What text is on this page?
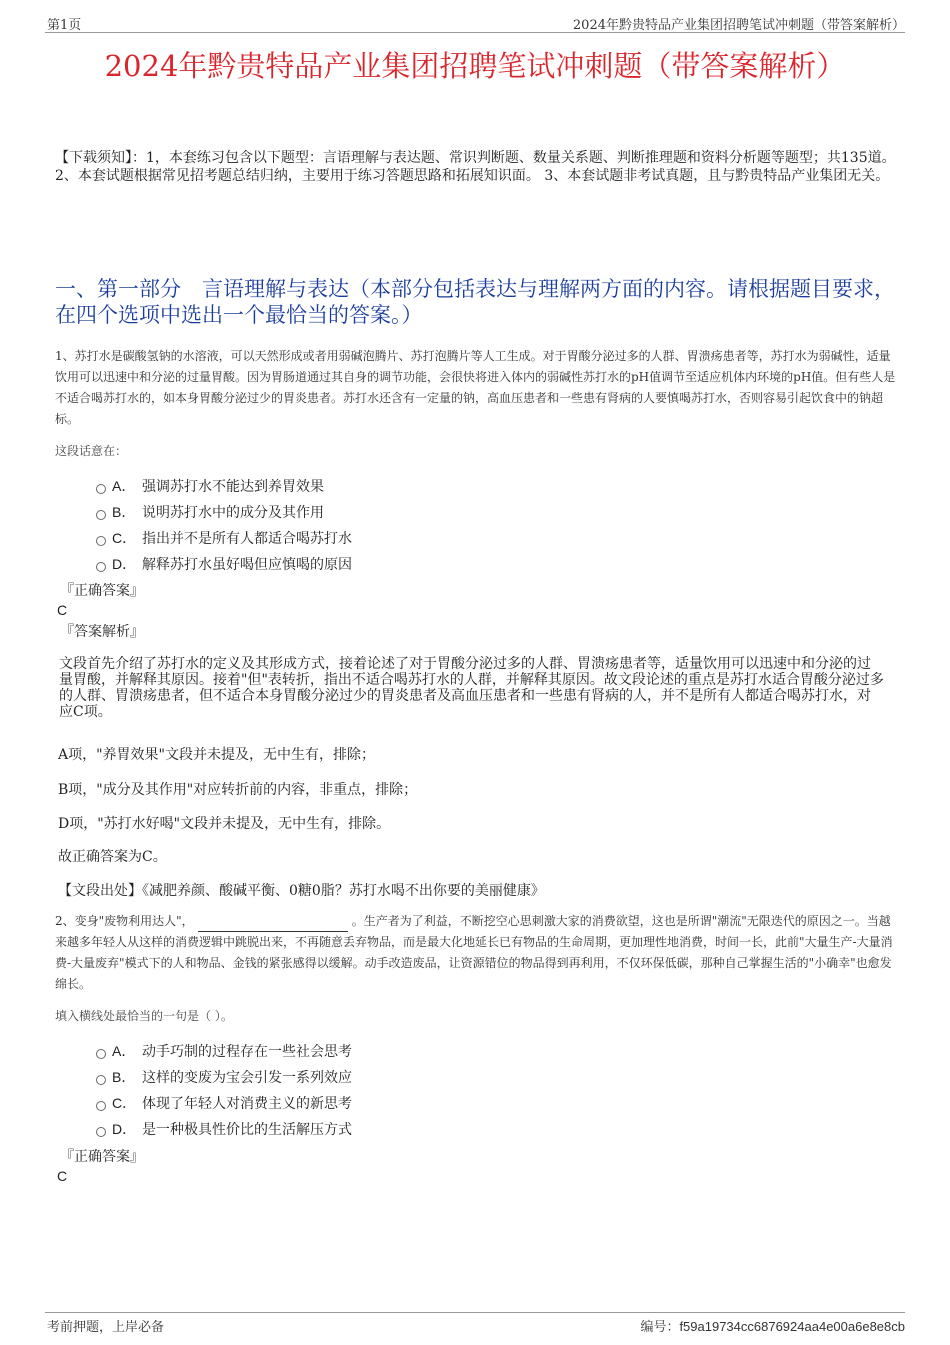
第1页	2024年黔贵特品产业集团招聘笔试冲刺题（带答案解析）
2024年黔贵特品产业集团招聘笔试冲刺题（带答案解析）
【下载须知】：1，本套练习包含以下题型：言语理解与表达题、常识判断题、数量关系题、判断推理题和资料分析题等题型；共135道。 2、本套试题根据常见招考题总结归纳，主要用于练习答题思路和拓展知识面。 3、本套试题非考试真题，且与黔贵特品产业集团无关。
一、第一部分　言语理解与表达（本部分包括表达与理解两方面的内容。请根据题目要求，在四个选项中选出一个最恰当的答案。）
1、苏打水是碳酸氢钠的水溶液，可以天然形成或者用弱碱泡腾片、苏打泡腾片等人工生成。对于胃酸分泌过多的人群、胃溃疡患者等，苏打水为弱碱性，适量饮用可以迅速中和分泌的过量胃酸。因为胃肠道通过其自身的调节功能，会很快将进入体内的弱碱性苏打水的pH值调节至适应机体内环境的pH值。但有些人是不适合喝苏打水的，如本身胃酸分泌过少的胃炎患者。苏打水还含有一定量的钠，高血压患者和一些患有肾病的人要慎喝苏打水，否则容易引起饮食中的钠超标。
这段话意在：
A． 强调苏打水不能达到养胃效果
B． 说明苏打水中的成分及其作用
C． 指出并不是所有人都适合喝苏打水
D． 解释苏打水虽好喝但应慎喝的原因
『正确答案』
C
『答案解析』
文段首先介绍了苏打水的定义及其形成方式，接着论述了对于胃酸分泌过多的人群、胃溃疡患者等，适量饮用可以迅速中和分泌的过量胃酸，并解释其原因。接着"但"表转折，指出不适合喝苏打水的人群，并解释其原因。故文段论述的重点是苏打水适合胃酸分泌过多的人群、胃溃疡患者，但不适合本身胃酸分泌过少的胃炎患者及高血压患者和一些患有肾病的人，并不是所有人都适合喝苏打水，对应C项。
A项，"养胃效果"文段并未提及，无中生有，排除；
B项，"成分及其作用"对应转折前的内容，非重点，排除；
D项，"苏打水好喝"文段并未提及，无中生有，排除。
故正确答案为C。
【文段出处】《减肥养颜、酸碱平衡、0糖0脂？苏打水喝不出你要的美丽健康》
2、变身"废物利用达人"，	。生产者为了利益，不断挖空心思刺激大家的消费欲望，这也是所谓"潮流"无限迭代的原因之一。当越来越多年轻人从这样的消费逻辑中跳脱出来，不再随意丢弃物品，而是最大化地延长已有物品的生命周期，更加理性地消费，时间一长，此前"大量生产-大量消费-大量废弃"模式下的人和物品、金钱的紧张感得以缓解。动手改造废品，让资源错位的物品得到再利用，不仅环保低碳，那种自己掌握生活的"小确幸"也愈发绵长。
填入横线处最恰当的一句是（ ）。
A． 动手巧制的过程存在一些社会思考
B． 这样的变废为宝会引发一系列效应
C． 体现了年轻人对消费主义的新思考
D． 是一种极具性价比的生活解压方式
『正确答案』
C
考前押题，上岸必备	编号：f59a19734cc6876924aa4e00a6e8e8cb
